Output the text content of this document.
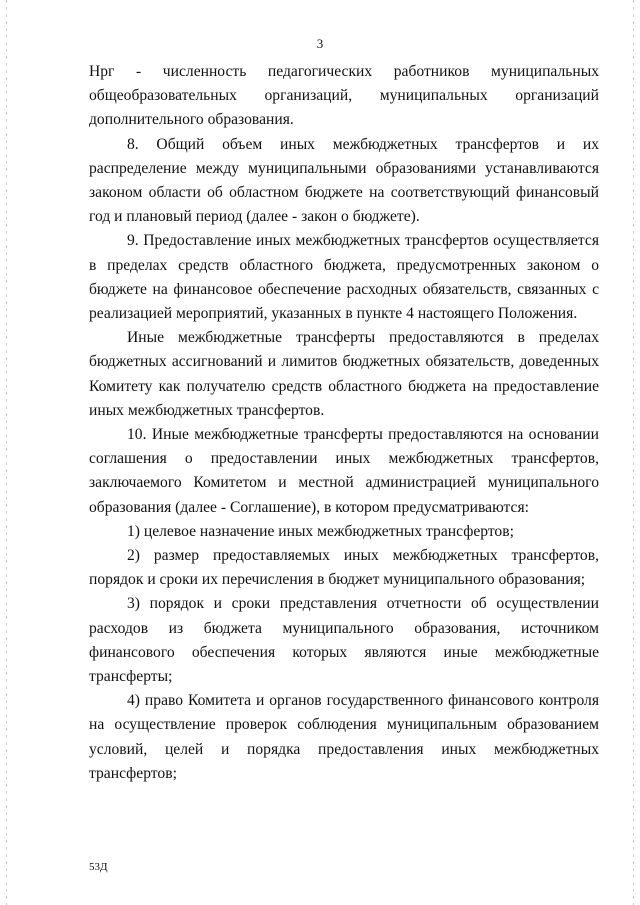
3

Hрг - численность педагогических работников муниципальных общеобразовательных организаций, муниципальных организаций дополнительного образования.

8. Общий объем иных межбюджетных трансфертов и их распределение между муниципальными образованиями устанавливаются законом области об областном бюджете на соответствующий финансовый год и плановый период (далее - закон о бюджете).

9. Предоставление иных межбюджетных трансфертов осуществляется в пределах средств областного бюджета, предусмотренных законом о бюджете на финансовое обеспечение расходных обязательств, связанных с реализацией мероприятий, указанных в пункте 4 настоящего Положения.

Иные межбюджетные трансферты предоставляются в пределах бюджетных ассигнований и лимитов бюджетных обязательств, доведенных Комитету как получателю средств областного бюджета на предоставление иных межбюджетных трансфертов.

10. Иные межбюджетные трансферты предоставляются на основании соглашения о предоставлении иных межбюджетных трансфертов, заключаемого Комитетом и местной администрацией муниципального образования (далее - Соглашение), в котором предусматриваются:

1) целевое назначение иных межбюджетных трансфертов;

2) размер предоставляемых иных межбюджетных трансфертов, порядок и сроки их перечисления в бюджет муниципального образования;

3) порядок и сроки представления отчетности об осуществлении расходов из бюджета муниципального образования, источником финансового обеспечения которых являются иные межбюджетные трансферты;

4) право Комитета и органов государственного финансового контроля на осуществление проверок соблюдения муниципальным образованием условий, целей и порядка предоставления иных межбюджетных трансфертов;

53Д
